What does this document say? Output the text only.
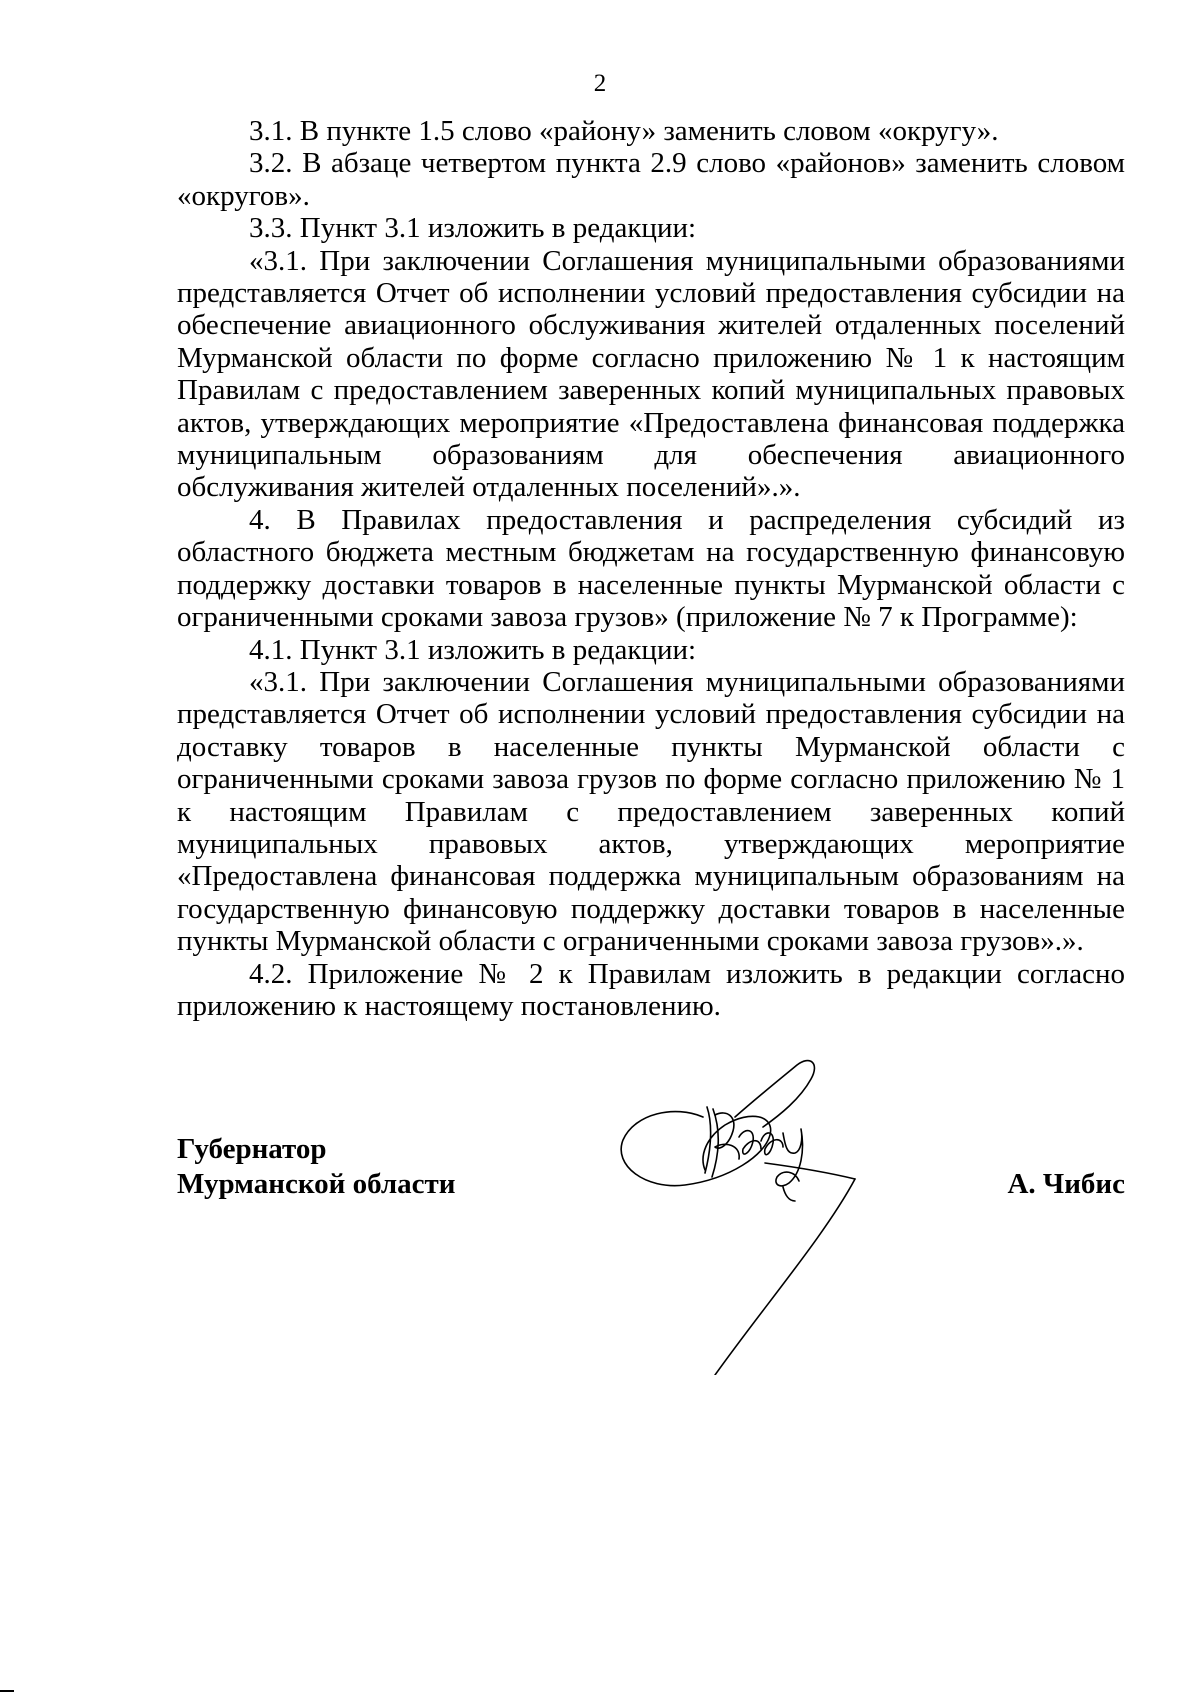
2

3.1. В пункте 1.5 слово «району» заменить словом «округу».

3.2. В абзаце четвертом пункта 2.9 слово «районов» заменить словом «округов».

3.3. Пункт 3.1 изложить в редакции:

«3.1. При заключении Соглашения муниципальными образованиями представляется Отчет об исполнении условий предоставления субсидии на обеспечение авиационного обслуживания жителей отдаленных поселений Мурманской области по форме согласно приложению № 1 к настоящим Правилам с предоставлением заверенных копий муниципальных правовых актов, утверждающих мероприятие «Предоставлена финансовая поддержка муниципальным образованиям для обеспечения авиационного обслуживания жителей отдаленных поселений».».

4. В Правилах предоставления и распределения субсидий из областного бюджета местным бюджетам на государственную финансовую поддержку доставки товаров в населенные пункты Мурманской области с ограниченными сроками завоза грузов» (приложение № 7 к Программе):

4.1. Пункт 3.1 изложить в редакции:

«3.1. При заключении Соглашения муниципальными образованиями представляется Отчет об исполнении условий предоставления субсидии на доставку товаров в населенные пункты Мурманской области с ограниченными сроками завоза грузов по форме согласно приложению № 1 к настоящим Правилам с предоставлением заверенных копий муниципальных правовых актов, утверждающих мероприятие «Предоставлена финансовая поддержка муниципальным образованиям на государственную финансовую поддержку доставки товаров в населенные пункты Мурманской области с ограниченными сроками завоза грузов».».

4.2. Приложение № 2 к Правилам изложить в редакции согласно приложению к настоящему постановлению.

Губернатор
Мурманской области	А. Чибис
